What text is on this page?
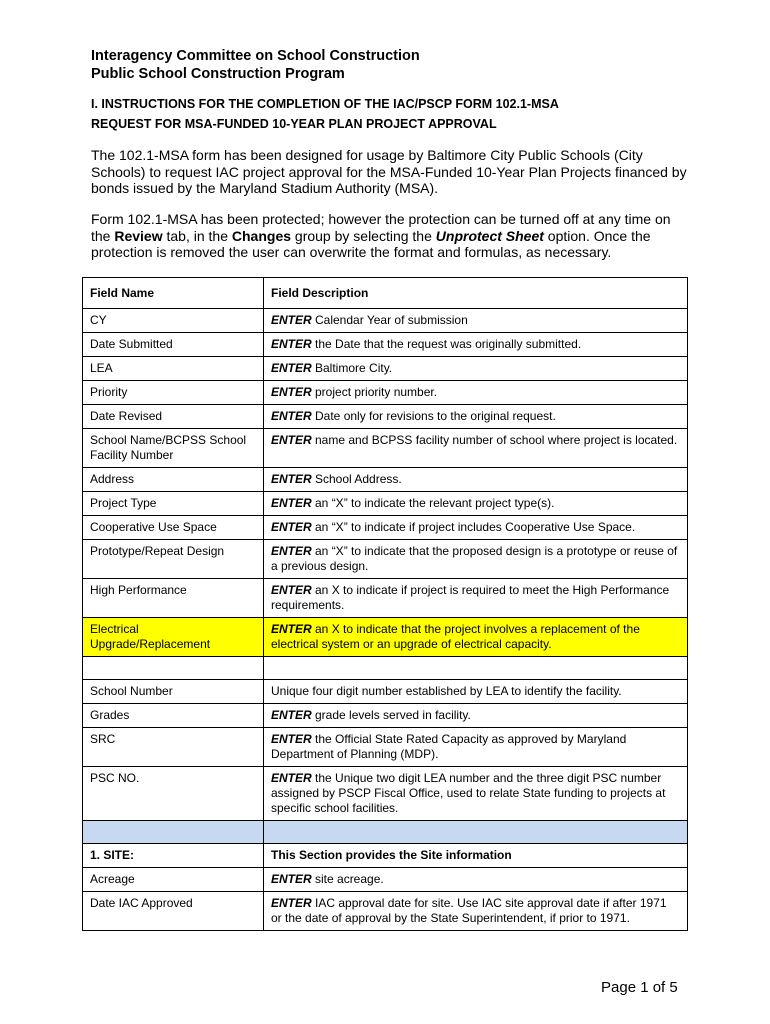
Interagency Committee on School Construction
Public School Construction Program
I. INSTRUCTIONS FOR THE COMPLETION OF THE IAC/PSCP FORM 102.1-MSA
REQUEST FOR MSA-FUNDED 10-YEAR PLAN PROJECT APPROVAL
The 102.1-MSA form has been designed for usage by Baltimore City Public Schools (City Schools) to request IAC project approval for the MSA-Funded 10-Year Plan Projects financed by bonds issued by the Maryland Stadium Authority (MSA).
Form 102.1-MSA has been protected; however the protection can be turned off at any time on the Review tab, in the Changes group by selecting the Unprotect Sheet option. Once the protection is removed the user can overwrite the format and formulas, as necessary.
Field Name	Field Description
CY	ENTER Calendar Year of submission
Date Submitted	ENTER the Date that the request was originally submitted.
LEA	ENTER Baltimore City.
Priority	ENTER project priority number.
Date Revised	ENTER Date only for revisions to the original request.
School Name/BCPSS School Facility Number	ENTER name and BCPSS facility number of school where project is located.
Address	ENTER School Address.
Project Type	ENTER an “X” to indicate the relevant project type(s).
Cooperative Use Space	ENTER an “X” to indicate if project includes Cooperative Use Space.
Prototype/Repeat Design	ENTER an “X” to indicate that the proposed design is a prototype or reuse of a previous design.
High Performance	ENTER an X to indicate if project is required to meet the High Performance requirements.
Electrical Upgrade/Replacement	ENTER an X to indicate that the project involves a replacement of the electrical system or an upgrade of electrical capacity.

School Number	Unique four digit number established by LEA to identify the facility.
Grades	ENTER grade levels served in facility.
SRC	ENTER the Official State Rated Capacity as approved by Maryland Department of Planning (MDP).
PSC NO.	ENTER the Unique two digit LEA number and the three digit PSC number assigned by PSCP Fiscal Office, used to relate State funding to projects at specific school facilities.

1. SITE:	This Section provides the Site information
Acreage	ENTER site acreage.
Date IAC Approved	ENTER IAC approval date for site. Use IAC site approval date if after 1971 or the date of approval by the State Superintendent, if prior to 1971.
Page 1 of 5
